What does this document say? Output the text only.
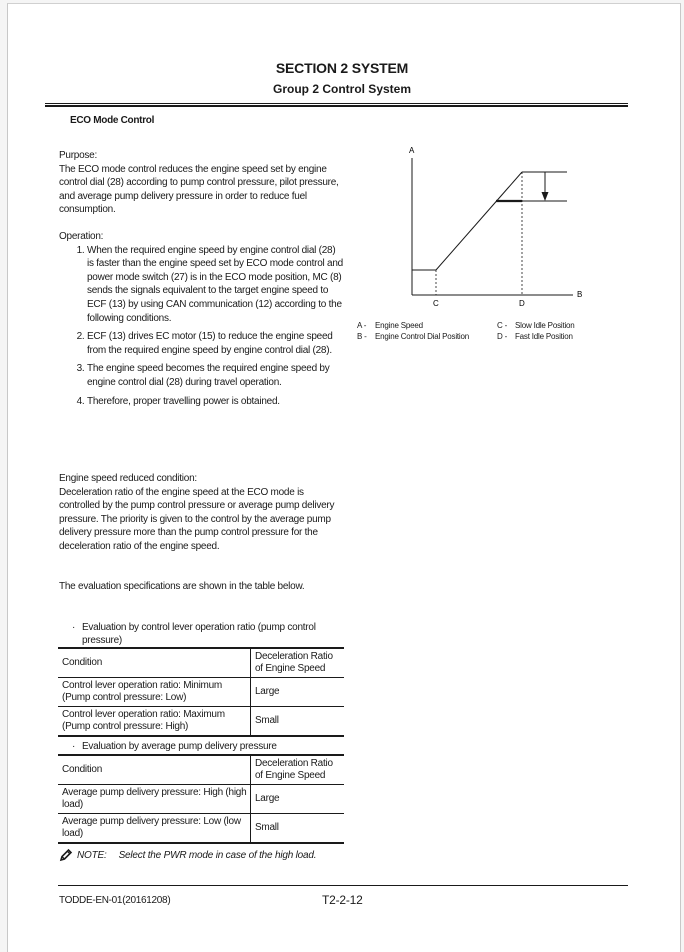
SECTION 2 SYSTEM
Group 2 Control System
ECO Mode Control
Purpose:
The ECO mode control reduces the engine speed set by engine control dial (28) according to pump control pressure, pilot pressure, and average pump delivery pressure in order to reduce fuel consumption.
Operation:
1. When the required engine speed by engine control dial (28) is faster than the engine speed set by ECO mode control and power mode switch (27) is in the ECO mode position, MC (8) sends the signals equivalent to the target engine speed to ECF (13) by using CAN communication (12) according to the following conditions.
2. ECF (13) drives EC motor (15) to reduce the engine speed from the required engine speed by engine control dial (28).
3. The engine speed becomes the required engine speed by engine control dial (28) during travel operation.
4. Therefore, proper travelling power is obtained.
Engine speed reduced condition:
Deceleration ratio of the engine speed at the ECO mode is controlled by the pump control pressure or average pump delivery pressure. The priority is given to the control by the average pump delivery pressure more than the pump control pressure for the deceleration ratio of the engine speed.
The evaluation specifications are shown in the table below.
· Evaluation by control lever operation ratio (pump control pressure)
Condition	Deceleration Ratio of Engine Speed
Control lever operation ratio: Minimum (Pump control pressure: Low)	Large
Control lever operation ratio: Maximum (Pump control pressure: High)	Small
· Evaluation by average pump delivery pressure
Condition	Deceleration Ratio of Engine Speed
Average pump delivery pressure: High (high load)	Large
Average pump delivery pressure: Low (low load)	Small
NOTE: Select the PWR mode in case of the high load.
TODDE-EN-01(20161208)	T2-2-12
A
B
C	D
A -	Engine Speed
B -	Engine Control Dial Position
C - Slow Idle Position
D - Fast Idle Position
